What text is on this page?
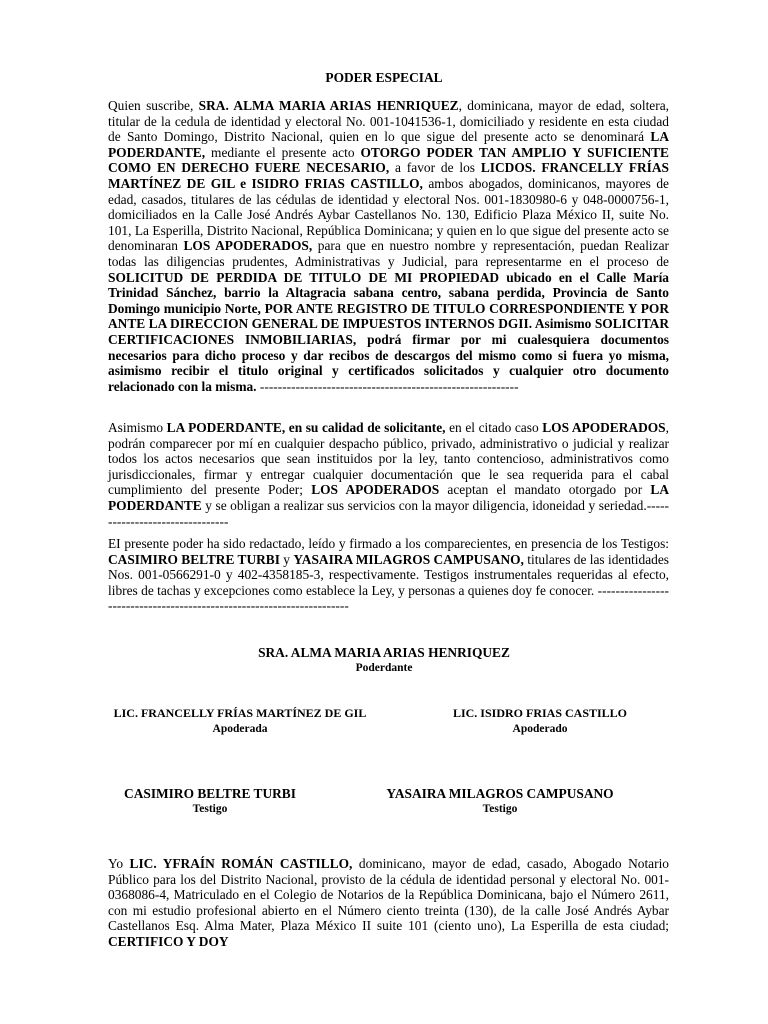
PODER ESPECIAL

Quien suscribe, SRA. ALMA MARIA ARIAS HENRIQUEZ, dominicana, mayor de edad, soltera, titular de la cedula de identidad y electoral No. 001-1041536-1, domiciliado y residente en esta ciudad de Santo Domingo, Distrito Nacional, quien en lo que sigue del presente acto se denominará LA PODERDANTE, mediante el presente acto OTORGO PODER TAN AMPLIO Y SUFICIENTE COMO EN DERECHO FUERE NECESARIO, a favor de los LICDOS. FRANCELLY FRÍAS MARTÍNEZ DE GIL e ISIDRO FRIAS CASTILLO, ambos abogados, dominicanos, mayores de edad, casados, titulares de las cédulas de identidad y electoral Nos. 001-1830980-6 y 048-0000756-1, domiciliados en la Calle José Andrés Aybar Castellanos No. 130, Edificio Plaza México II, suite No. 101, La Esperilla, Distrito Nacional, República Dominicana; y quien en lo que sigue del presente acto se denominaran LOS APODERADOS, para que en nuestro nombre y representación, puedan Realizar todas las diligencias prudentes, Administrativas y Judicial, para representarme en el proceso de SOLICITUD DE PERDIDA DE TITULO DE MI PROPIEDAD ubicado en el Calle María Trinidad Sánchez, barrio la Altagracia sabana centro, sabana perdida, Provincia de Santo Domingo municipio Norte, POR ANTE REGISTRO DE TITULO CORRESPONDIENTE Y POR ANTE LA DIRECCION GENERAL DE IMPUESTOS INTERNOS DGII. Asimismo SOLICITAR CERTIFICACIONES INMOBILIARIAS, podrá firmar por mi cualesquiera documentos necesarios para dicho proceso y dar recibos de descargos del mismo como si fuera yo misma, asimismo recibir el titulo original y certificados solicitados y cualquier otro documento relacionado con la misma. ----------------------------------------------------------

Asimismo LA PODERDANTE, en su calidad de solicitante, en el citado caso LOS APODERADOS, podrán comparecer por mí en cualquier despacho público, privado, administrativo o judicial y realizar todos los actos necesarios que sean instituidos por la ley, tanto contencioso, administrativos como jurisdiccionales, firmar y entregar cualquier documentación que le sea requerida para el cabal cumplimiento del presente Poder; LOS APODERADOS aceptan el mandato otorgado por LA PODERDANTE y se obligan a realizar sus servicios con la mayor diligencia, idoneidad y seriedad.--------------------------------

EI presente poder ha sido redactado, leído y firmado a los comparecientes, en presencia de los Testigos: CASIMIRO BELTRE TURBI y YASAIRA MILAGROS CAMPUSANO, titulares de las identidades Nos. 001-0566291-0 y 402-4358185-3, respectivamente. Testigos instrumentales requeridas al efecto, libres de tachas y excepciones como establece la Ley, y personas a quienes doy fe conocer. ----------------------------------------------------------------------

SRA. ALMA MARIA ARIAS HENRIQUEZ
Poderdante
LIC. FRANCELLY FRÍAS MARTÍNEZ DE GIL
Apoderada
LIC. ISIDRO FRIAS CASTILLO
Apoderado
CASIMIRO BELTRE TURBI
Testigo
YASAIRA MILAGROS CAMPUSANO
Testigo

Yo LIC. YFRAÍN ROMÁN CASTILLO, dominicano, mayor de edad, casado, Abogado Notario Público para los del Distrito Nacional, provisto de la cédula de identidad personal y electoral No. 001-0368086-4, Matriculado en el Colegio de Notarios de la República Dominicana, bajo el Número 2611, con mi estudio profesional abierto en el Número ciento treinta (130), de la calle José Andrés Aybar Castellanos Esq. Alma Mater, Plaza México II suite 101 (ciento uno), La Esperilla de esta ciudad; CERTIFICO Y DOY
